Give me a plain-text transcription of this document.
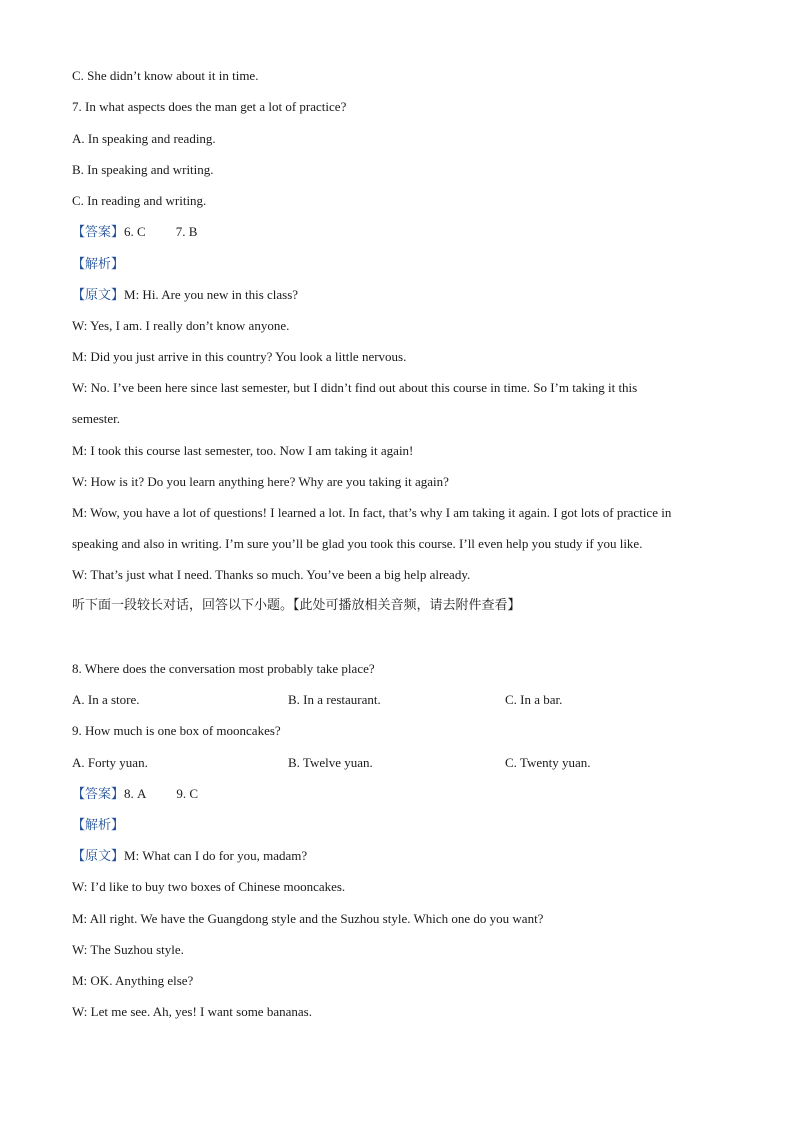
C. She didn’t know about it in time.
7. In what aspects does the man get a lot of practice?
A. In speaking and reading.
B. In speaking and writing.
C. In reading and writing.
【答案】6. C 7. B
【解析】
【原文】M: Hi. Are you new in this class?
W: Yes, I am. I really don’t know anyone.
M: Did you just arrive in this country? You look a little nervous.
W: No. I’ve been here since last semester, but I didn’t find out about this course in time. So I’m taking it this
semester.
M: I took this course last semester, too. Now I am taking it again!
W: How is it? Do you learn anything here? Why are you taking it again?
M: Wow, you have a lot of questions! I learned a lot. In fact, that’s why I am taking it again. I got lots of practice in
speaking and also in writing. I’m sure you’ll be glad you took this course. I’ll even help you study if you like.
W: That’s just what I need. Thanks so much. You’ve been a big help already.
听下面一段较长对话，回答以下小题。【此处可播放相关音频，请去附件查看】
8. Where does the conversation most probably take place?
A. In a store.	B. In a restaurant.	C. In a bar.
9. How much is one box of mooncakes?
A. Forty yuan.	B. Twelve yuan.	C. Twenty yuan.
【答案】8. A 9. C
【解析】
【原文】M: What can I do for you, madam?
W: I’d like to buy two boxes of Chinese mooncakes.
M: All right. We have the Guangdong style and the Suzhou style. Which one do you want?
W: The Suzhou style.
M: OK. Anything else?
W: Let me see. Ah, yes! I want some bananas.
